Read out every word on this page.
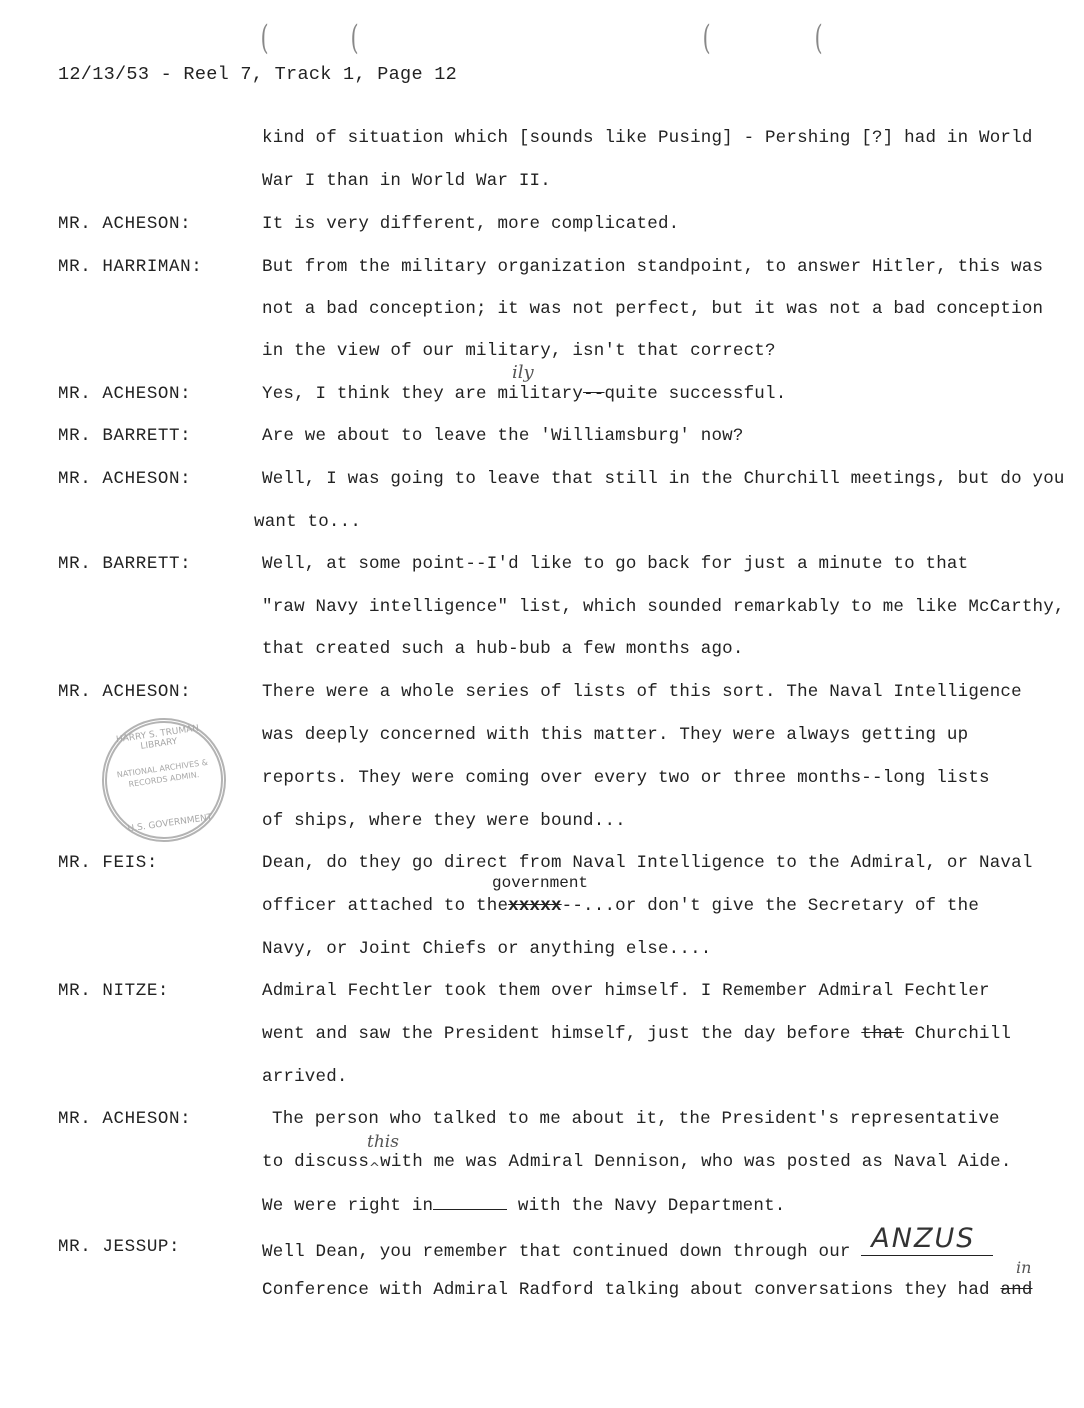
( (	(	(
12/13/53 - Reel 7, Track 1, Page 12
kind of situation which [sounds like Pusing] - Pershing [?] had in World
War I than in World War II.
MR. ACHESON:	It is very different, more complicated.
MR. HARRIMAN:	But from the military organization standpoint, to answer Hitler, this was
not a bad conception; it was not perfect, but it was not a bad conception
in the view of our military, isn't that correct?
MR. ACHESON:	Yes, I think they are military--quite successful.
ily
MR. BARRETT:	Are we about to leave the 'Williamsburg' now?
MR. ACHESON:	Well, I was going to leave that still in the Churchill meetings, but do you
want to...
MR. BARRETT:	Well, at some point--I'd like to go back for just a minute to that
"raw Navy intelligence" list, which sounded remarkably to me like McCarthy,
that created such a hub-bub a few months ago.
MR. ACHESON:	There were a whole series of lists of this sort. The Naval Intelligence
was deeply concerned with this matter. They were always getting up
reports. They were coming over every two or three months--long lists
of ships, where they were bound...
HARRY S. TRUMAN LIBRARY
NATIONAL ARCHIVES & RECORDS ADMIN.
U.S. GOVERNMENT
MR. FEIS:	Dean, do they go direct from Naval Intelligence to the Admiral, or Naval
government
officer attached to thexxxxx--...or don't give the Secretary of the
Navy, or Joint Chiefs or anything else....
MR. NITZE:	Admiral Fechtler took them over himself. I Remember Admiral Fechtler
went and saw the President himself, just the day before that Churchill
arrived.
MR. ACHESON:	The person who talked to me about it, the President's representative
this
to discuss$_{\^{}}$with me was Admiral Dennison, who was posted as Naval Aide.
We were right in	with the Navy Department.
MR. JESSUP:	Well Dean, you remember that continued down through our ANZUS
Conference with Admiral Radford talking about conversations they had and
in
